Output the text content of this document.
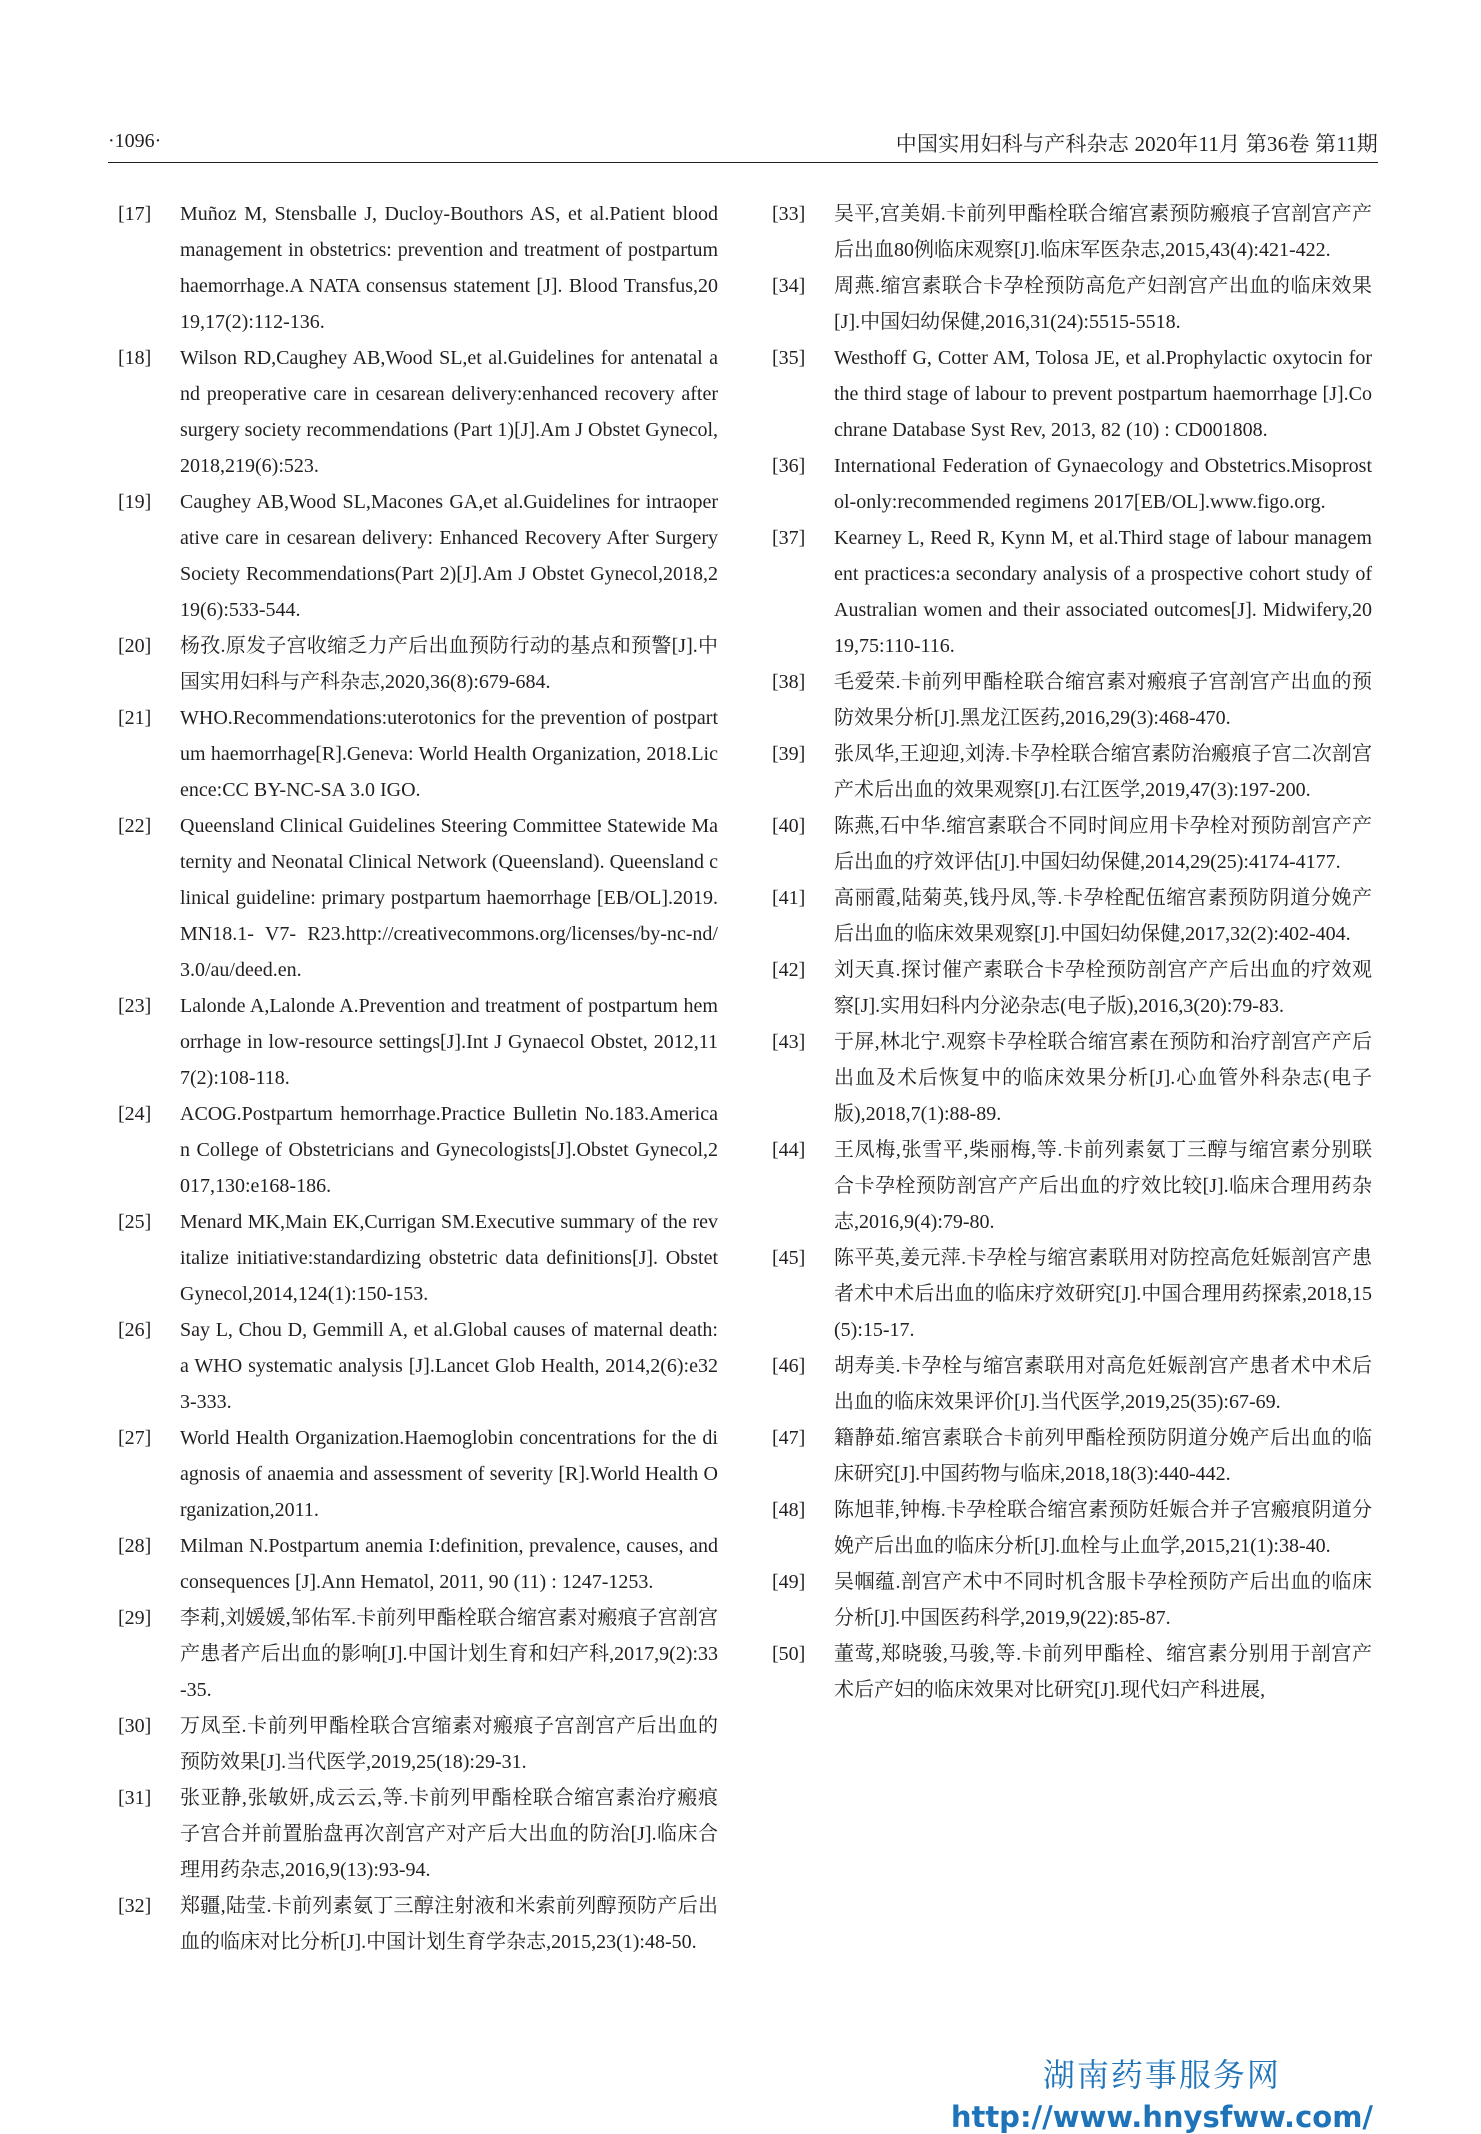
·1096·	中国实用妇科与产科杂志 2020年11月 第36卷 第11期
[17]	Muñoz M, Stensballe J, Ducloy-Bouthors AS, et al.Patient blood management in obstetrics: prevention and treatment of postpartum haemorrhage.A NATA consensus statement [J]. Blood Transfus,2019,17(2):112-136.
[18]	Wilson RD,Caughey AB,Wood SL,et al.Guidelines for antenatal and preoperative care in cesarean delivery:enhanced recovery after surgery society recommendations (Part 1)[J].Am J Obstet Gynecol,2018,219(6):523.
[19]	Caughey AB,Wood SL,Macones GA,et al.Guidelines for intraoperative care in cesarean delivery: Enhanced Recovery After Surgery Society Recommendations(Part 2)[J].Am J Obstet Gynecol,2018,219(6):533-544.
[20]	杨孜.原发子宫收缩乏力产后出血预防行动的基点和预警[J].中国实用妇科与产科杂志,2020,36(8):679-684.
[21]	WHO.Recommendations:uterotonics for the prevention of postpartum haemorrhage[R].Geneva: World Health Organization, 2018.Licence:CC BY-NC-SA 3.0 IGO.
[22]	Queensland Clinical Guidelines Steering Committee Statewide Maternity and Neonatal Clinical Network (Queensland). Queensland clinical guideline: primary postpartum haemorrhage [EB/OL].2019.MN18.1- V7- R23.http://creativecommons.org/licenses/by-nc-nd/3.0/au/deed.en.
[23]	Lalonde A,Lalonde A.Prevention and treatment of postpartum hemorrhage in low-resource settings[J].Int J Gynaecol Obstet, 2012,117(2):108-118.
[24]	ACOG.Postpartum hemorrhage.Practice Bulletin No.183.American College of Obstetricians and Gynecologists[J].Obstet Gynecol,2017,130:e168-186.
[25]	Menard MK,Main EK,Currigan SM.Executive summary of the revitalize initiative:standardizing obstetric data definitions[J]. Obstet Gynecol,2014,124(1):150-153.
[26]	Say L, Chou D, Gemmill A, et al.Global causes of maternal death: a WHO systematic analysis [J].Lancet Glob Health, 2014,2(6):e323-333.
[27]	World Health Organization.Haemoglobin concentrations for the diagnosis of anaemia and assessment of severity [R].World Health Organization,2011.
[28]	Milman N.Postpartum anemia I:definition, prevalence, causes, and consequences [J].Ann Hematol, 2011, 90 (11) : 1247-1253.
[29]	李莉,刘媛媛,邹佑军.卡前列甲酯栓联合缩宫素对瘢痕子宫剖宫产患者产后出血的影响[J].中国计划生育和妇产科,2017,9(2):33-35.
[30]	万凤至.卡前列甲酯栓联合宫缩素对瘢痕子宫剖宫产后出血的预防效果[J].当代医学,2019,25(18):29-31.
[31]	张亚静,张敏妍,成云云,等.卡前列甲酯栓联合缩宫素治疗瘢痕子宫合并前置胎盘再次剖宫产对产后大出血的防治[J].临床合理用药杂志,2016,9(13):93-94.
[32]	郑疆,陆莹.卡前列素氨丁三醇注射液和米索前列醇预防产后出血的临床对比分析[J].中国计划生育学杂志,2015,23(1):48-50.
[33]	吴平,宫美娟.卡前列甲酯栓联合缩宫素预防瘢痕子宫剖宫产产后出血80例临床观察[J].临床军医杂志,2015,43(4):421-422.
[34]	周燕.缩宫素联合卡孕栓预防高危产妇剖宫产出血的临床效果[J].中国妇幼保健,2016,31(24):5515-5518.
[35]	Westhoff G, Cotter AM, Tolosa JE, et al.Prophylactic oxytocin for the third stage of labour to prevent postpartum haemorrhage [J].Cochrane Database Syst Rev, 2013, 82 (10) : CD001808.
[36]	International Federation of Gynaecology and Obstetrics.Misoprostol-only:recommended regimens 2017[EB/OL].www.figo.org.
[37]	Kearney L, Reed R, Kynn M, et al.Third stage of labour management practices:a secondary analysis of a prospective cohort study of Australian women and their associated outcomes[J]. Midwifery,2019,75:110-116.
[38]	毛爱荣.卡前列甲酯栓联合缩宫素对瘢痕子宫剖宫产出血的预防效果分析[J].黑龙江医药,2016,29(3):468-470.
[39]	张凤华,王迎迎,刘涛.卡孕栓联合缩宫素防治瘢痕子宫二次剖宫产术后出血的效果观察[J].右江医学,2019,47(3):197-200.
[40]	陈燕,石中华.缩宫素联合不同时间应用卡孕栓对预防剖宫产产后出血的疗效评估[J].中国妇幼保健,2014,29(25):4174-4177.
[41]	高丽霞,陆菊英,钱丹凤,等.卡孕栓配伍缩宫素预防阴道分娩产后出血的临床效果观察[J].中国妇幼保健,2017,32(2):402-404.
[42]	刘天真.探讨催产素联合卡孕栓预防剖宫产产后出血的疗效观察[J].实用妇科内分泌杂志(电子版),2016,3(20):79-83.
[43]	于屏,林北宁.观察卡孕栓联合缩宫素在预防和治疗剖宫产产后出血及术后恢复中的临床效果分析[J].心血管外科杂志(电子版),2018,7(1):88-89.
[44]	王凤梅,张雪平,柴丽梅,等.卡前列素氨丁三醇与缩宫素分别联合卡孕栓预防剖宫产产后出血的疗效比较[J].临床合理用药杂志,2016,9(4):79-80.
[45]	陈平英,姜元萍.卡孕栓与缩宫素联用对防控高危妊娠剖宫产患者术中术后出血的临床疗效研究[J].中国合理用药探索,2018,15(5):15-17.
[46]	胡寿美.卡孕栓与缩宫素联用对高危妊娠剖宫产患者术中术后出血的临床效果评价[J].当代医学,2019,25(35):67-69.
[47]	籍静茹.缩宫素联合卡前列甲酯栓预防阴道分娩产后出血的临床研究[J].中国药物与临床,2018,18(3):440-442.
[48]	陈旭菲,钟梅.卡孕栓联合缩宫素预防妊娠合并子宫瘢痕阴道分娩产后出血的临床分析[J].血栓与止血学,2015,21(1):38-40.
[49]	吴帼蕴.剖宫产术中不同时机含服卡孕栓预防产后出血的临床分析[J].中国医药科学,2019,9(22):85-87.
[50]	董莺,郑晓骏,马骏,等.卡前列甲酯栓、缩宫素分别用于剖宫产术后产妇的临床效果对比研究[J].现代妇产科进展,
湖南药事服务网
http://www.hnysfww.com/
